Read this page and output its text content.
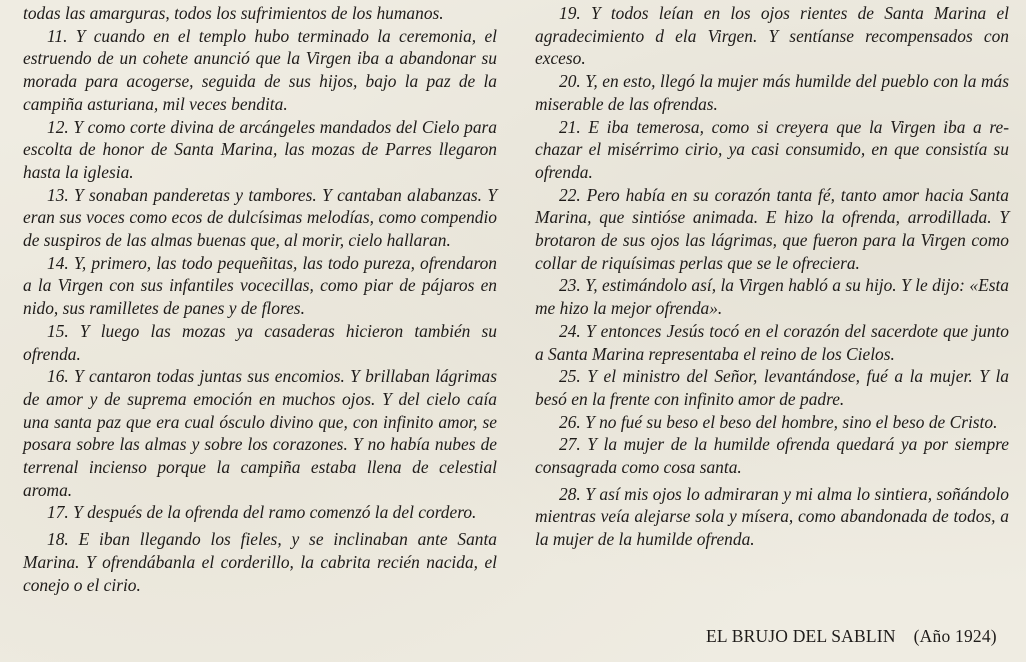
todas las amarguras, todos los sufrimientos de los humanos.

11. Y cuando en el templo hubo terminado la ceremonia, el estruendo de un cohete anunció que la Virgen iba a abandonar su morada para acogerse, seguida de sus hijos, bajo la paz de la campiña asturiana, mil veces bendita.

12. Y como corte divina de arcángeles mandados del Cielo para escolta de honor de Santa Marina, las mozas de Parres llegaron hasta la iglesia.

13. Y sonaban panderetas y tambores. Y cantaban alabanzas. Y eran sus voces como ecos de dulcísimas melodías, como compendio de suspiros de las almas buenas que, al morir, cielo hallaran.

14. Y, primero, las todo pequeñitas, las todo pureza, ofrendaron a la Virgen con sus infantiles vocecillas, como piar de pájaros en nido, sus ramilletes de panes y de flores.

15. Y luego las mozas ya casaderas hicieron también su ofrenda.

16. Y cantaron todas juntas sus encomios. Y brillaban lágrimas de amor y de suprema emoción en muchos ojos. Y del cielo caía una santa paz que era cual ósculo divino que, con infinito amor, se posara sobre las almas y sobre los corazones. Y no había nubes de terrenal incienso porque la campiña estaba llena de celestial aroma.

17. Y después de la ofrenda del ramo comenzó la del cordero.

18. E iban llegando los fieles, y se inclinaban ante Santa Marina. Y ofrendábanla el corderillo, la cabrita recién nacida, el conejo o el cirio.

19. Y todos leían en los ojos rientes de Santa Marina el agradecimiento d ela Virgen. Y sentíanse recompensados con exceso.

20. Y, en esto, llegó la mujer más humilde del pueblo con la más miserable de las ofrendas.

21. E iba temerosa, como si creyera que la Virgen iba a rechazar el misérrimo cirio, ya casi consumido, en que consistía su ofrenda.

22. Pero había en su corazón tanta fé, tanto amor hacia Santa Marina, que sintióse animada. E hizo la ofrenda, arrodillada. Y brotaron de sus ojos las lágrimas, que fueron para la Virgen como collar de riquísimas perlas que se le ofreciera.

23. Y, estimándolo así, la Virgen habló a su hijo. Y le dijo: «Esta me hizo la mejor ofrenda».

24. Y entonces Jesús tocó en el corazón del sacerdote que junto a Santa Marina representaba el reino de los Cielos.

25. Y el ministro del Señor, levantándose, fué a la mujer. Y la besó en la frente con infinito amor de padre.

26. Y no fué su beso el beso del hombre, sino el beso de Cristo.

27. Y la mujer de la humilde ofrenda quedará ya por siempre consagrada como cosa santa.

28. Y así mis ojos lo admiraran y mi alma lo sintiera, soñándolo mientras veía alejarse sola y mísera, como abandonada de todos, a la mujer de la humilde ofrenda.

EL BRUJO DEL SABLIN (Año 1924)
